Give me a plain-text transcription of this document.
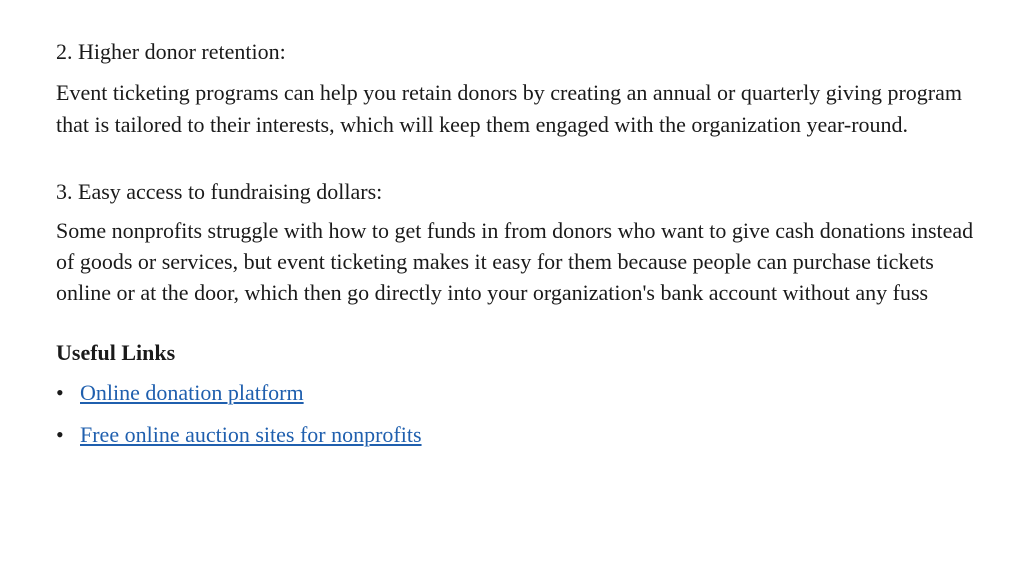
2. Higher donor retention:

Event ticketing programs can help you retain donors by creating an annual or quarterly giving program that is tailored to their interests, which will keep them engaged with the organization year-round.

3. Easy access to fundraising dollars:

Some nonprofits struggle with how to get funds in from donors who want to give cash donations instead of goods or services, but event ticketing makes it easy for them because people can purchase tickets online or at the door, which then go directly into your organization's bank account without any fuss

Useful Links

• Online donation platform
• Free online auction sites for nonprofits
